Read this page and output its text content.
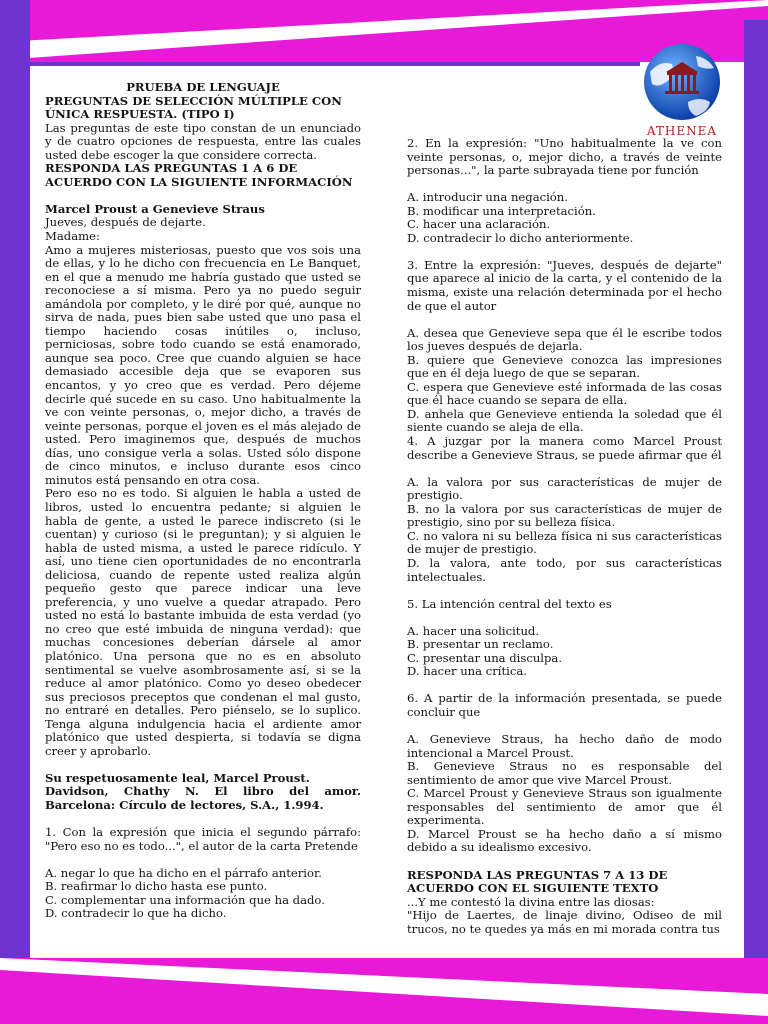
ATHENEA

PRUEBA DE LENGUAJE

PREGUNTAS DE SELECCIÓN MÚLTIPLE CON ÚNICA RESPUESTA. (TIPO I)

Las preguntas de este tipo constan de un enunciado y de cuatro opciones de respuesta, entre las cuales usted debe escoger la que considere correcta.

RESPONDA LAS PREGUNTAS 1 A 6 DE ACUERDO CON LA SIGUIENTE INFORMACIÓN

Marcel Proust a Genevieve Straus

Jueves, después de dejarte.

Madame:

Amo a mujeres misteriosas, puesto que vos sois una de ellas, y lo he dicho con frecuencia en Le Banquet, en el que a menudo me habría gustado que usted se reconociese a sí misma. Pero ya no puedo seguir amándola por completo, y le diré por qué, aunque no sirva de nada, pues bien sabe usted que uno pasa el tiempo haciendo cosas inútiles o, incluso, perniciosas, sobre todo cuando se está enamorado, aunque sea poco. Cree que cuando alguien se hace demasiado accesible deja que se evaporen sus encantos, y yo creo que es verdad. Pero déjeme decirle qué sucede en su caso. Uno habitualmente la ve con veinte personas, o, mejor dicho, a través de veinte personas, porque el joven es el más alejado de usted. Pero imaginemos que, después de muchos días, uno consigue verla a solas. Usted sólo dispone de cinco minutos, e incluso durante esos cinco minutos está pensando en otra cosa.

Pero eso no es todo. Si alguien le habla a usted de libros, usted lo encuentra pedante; si alguien le habla de gente, a usted le parece indiscreto (si le cuentan) y curioso (si le preguntan); y si alguien le habla de usted misma, a usted le parece ridículo. Y así, uno tiene cien oportunidades de no encontrarla deliciosa, cuando de repente usted realiza algún pequeño gesto que parece indicar una leve preferencia, y uno vuelve a quedar atrapado. Pero usted no está lo bastante imbuida de esta verdad (yo no creo que esté imbuida de ninguna verdad): que muchas concesiones deberían dársele al amor platónico. Una persona que no es en absoluto sentimental se vuelve asombrosamente así, si se la reduce al amor platónico. Como yo deseo obedecer sus preciosos preceptos que condenan el mal gusto, no entraré en detalles. Pero piénselo, se lo suplico. Tenga alguna indulgencia hacia el ardiente amor platónico que usted despierta, si todavía se digna creer y aprobarlo.

Su respetuosamente leal, Marcel Proust.

Davidson, Chathy N. El libro del amor. Barcelona: Círculo de lectores, S.A., 1.994.

1. Con la expresión que inicia el segundo párrafo: "Pero eso no es todo...", el autor de la carta Pretende

A. negar lo que ha dicho en el párrafo anterior.

B. reafirmar lo dicho hasta ese punto.

C. complementar una información que ha dado.

D. contradecir lo que ha dicho.

2. En la expresión: "Uno habitualmente la ve con veinte personas, o, mejor dicho, a través de veinte personas...", la parte subrayada tiene por función

A. introducir una negación.

B. modificar una interpretación.

C. hacer una aclaración.

D. contradecir lo dicho anteriormente.

3. Entre la expresión: "Jueves, después de dejarte" que aparece al inicio de la carta, y el contenido de la misma, existe una relación determinada por el hecho de que el autor

A. desea que Genevieve sepa que él le escribe todos los jueves después de dejarla.

B. quiere que Genevieve conozca las impresiones que en él deja luego de que se separan.

C. espera que Genevieve esté informada de las cosas que él hace cuando se separa de ella.

D. anhela que Genevieve entienda la soledad que él siente cuando se aleja de ella.

4. A juzgar por la manera como Marcel Proust describe a Genevieve Straus, se puede afirmar que él

A. la valora por sus características de mujer de prestigio.

B. no la valora por sus características de mujer de prestigio, sino por su belleza física.

C. no valora ni su belleza física ni sus características de mujer de prestigio.

D. la valora, ante todo, por sus características intelectuales.

5. La intención central del texto es

A. hacer una solicitud.

B. presentar un reclamo.

C. presentar una disculpa.

D. hacer una crítica.

6. A partir de la información presentada, se puede concluir que

A. Genevieve Straus, ha hecho daño de modo intencional a Marcel Proust.

B. Genevieve Straus no es responsable del sentimiento de amor que vive Marcel Proust.

C. Marcel Proust y Genevieve Straus son igualmente responsables del sentimiento de amor que él experimenta.

D. Marcel Proust se ha hecho daño a sí mismo debido a su idealismo excesivo.

RESPONDA LAS PREGUNTAS 7 A 13 DE ACUERDO CON EL SIGUIENTE TEXTO

...Y me contestó la divina entre las diosas:

"Hijo de Laertes, de linaje divino, Odiseo de mil trucos, no te quedes ya más en mi morada contra tus
